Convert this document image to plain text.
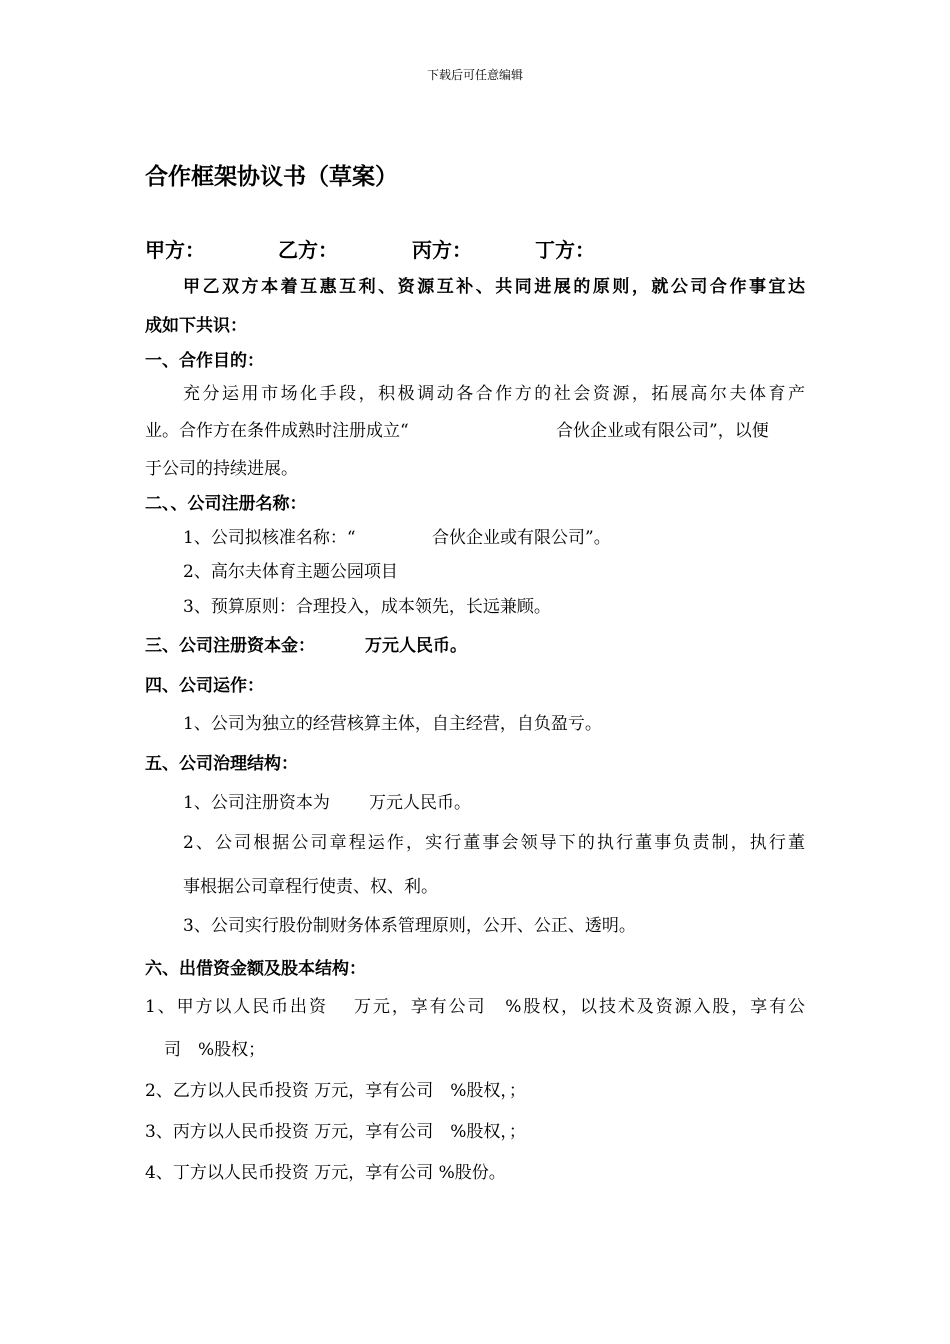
下载后可任意编辑
合作框架协议书（草案）
甲方：	乙方：	丙方：	丁方：
甲乙双方本着互惠互利、资源互补、共同进展的原则，就公司合作事宜达
成如下共识：
一、合作目的：
充分运用市场化手段，积极调动各合作方的社会资源，拓展高尔夫体育产
业。合作方在条件成熟时注册成立“	合伙企业或有限公司”，以便
于公司的持续进展。
二、、公司注册名称：
1、公司拟核准名称：“	合伙企业或有限公司”。
2、高尔夫体育主题公园项目
3、预算原则：合理投入，成本领先，长远兼顾。
三、公司注册资本金：	万元人民币。
四、公司运作：
1、公司为独立的经营核算主体，自主经营，自负盈亏。
五、公司治理结构：
1、公司注册资本为 万元人民币。
2、公司根据公司章程运作，实行董事会领导下的执行董事负责制，执行董
事根据公司章程行使责、权、利。
3、公司实行股份制财务体系管理原则，公开、公正、透明。
六、出借资金额及股本结构：
1、甲方以人民币出资　 万元，享有公司　%股权，以技术及资源入股，享有公
司　%股权；
2、乙方以人民币投资 万元，享有公司　%股权，；
3、丙方以人民币投资 万元，享有公司　%股权，；
4、丁方以人民币投资 万元，享有公司 %股份。
